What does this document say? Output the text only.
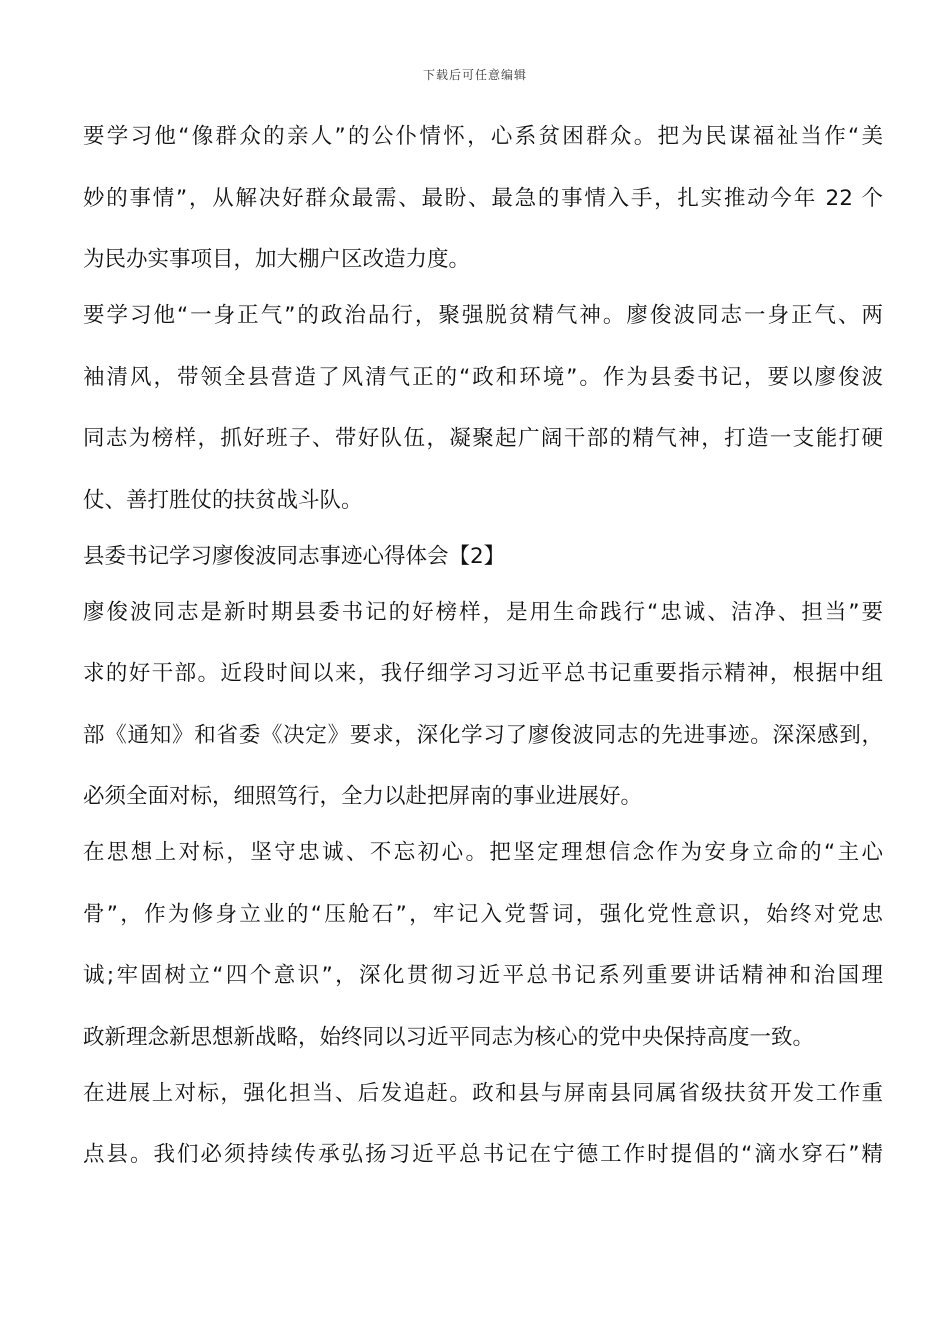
下载后可任意编辑
要学习他“像群众的亲人”的公仆情怀，心系贫困群众。把为民谋福祉当作“美
妙的事情”，从解决好群众最需、最盼、最急的事情入手，扎实推动今年 22 个
为民办实事项目，加大棚户区改造力度。
要学习他“一身正气”的政治品行，聚强脱贫精气神。廖俊波同志一身正气、两
袖清风，带领全县营造了风清气正的“政和环境”。作为县委书记，要以廖俊波
同志为榜样，抓好班子、带好队伍，凝聚起广阔干部的精气神，打造一支能打硬
仗、善打胜仗的扶贫战斗队。
县委书记学习廖俊波同志事迹心得体会【2】
廖俊波同志是新时期县委书记的好榜样，是用生命践行“忠诚、洁净、担当”要
求的好干部。近段时间以来，我仔细学习习近平总书记重要指示精神，根据中组
部《通知》和省委《决定》要求，深化学习了廖俊波同志的先进事迹。深深感到，
必须全面对标，细照笃行，全力以赴把屏南的事业进展好。
在思想上对标，坚守忠诚、不忘初心。把坚定理想信念作为安身立命的“主心
骨”，作为修身立业的“压舱石”，牢记入党誓词，强化党性意识，始终对党忠
诚;牢固树立“四个意识”，深化贯彻习近平总书记系列重要讲话精神和治国理
政新理念新思想新战略，始终同以习近平同志为核心的党中央保持高度一致。
在进展上对标，强化担当、后发追赶。政和县与屏南县同属省级扶贫开发工作重
点县。我们必须持续传承弘扬习近平总书记在宁德工作时提倡的“滴水穿石”精
